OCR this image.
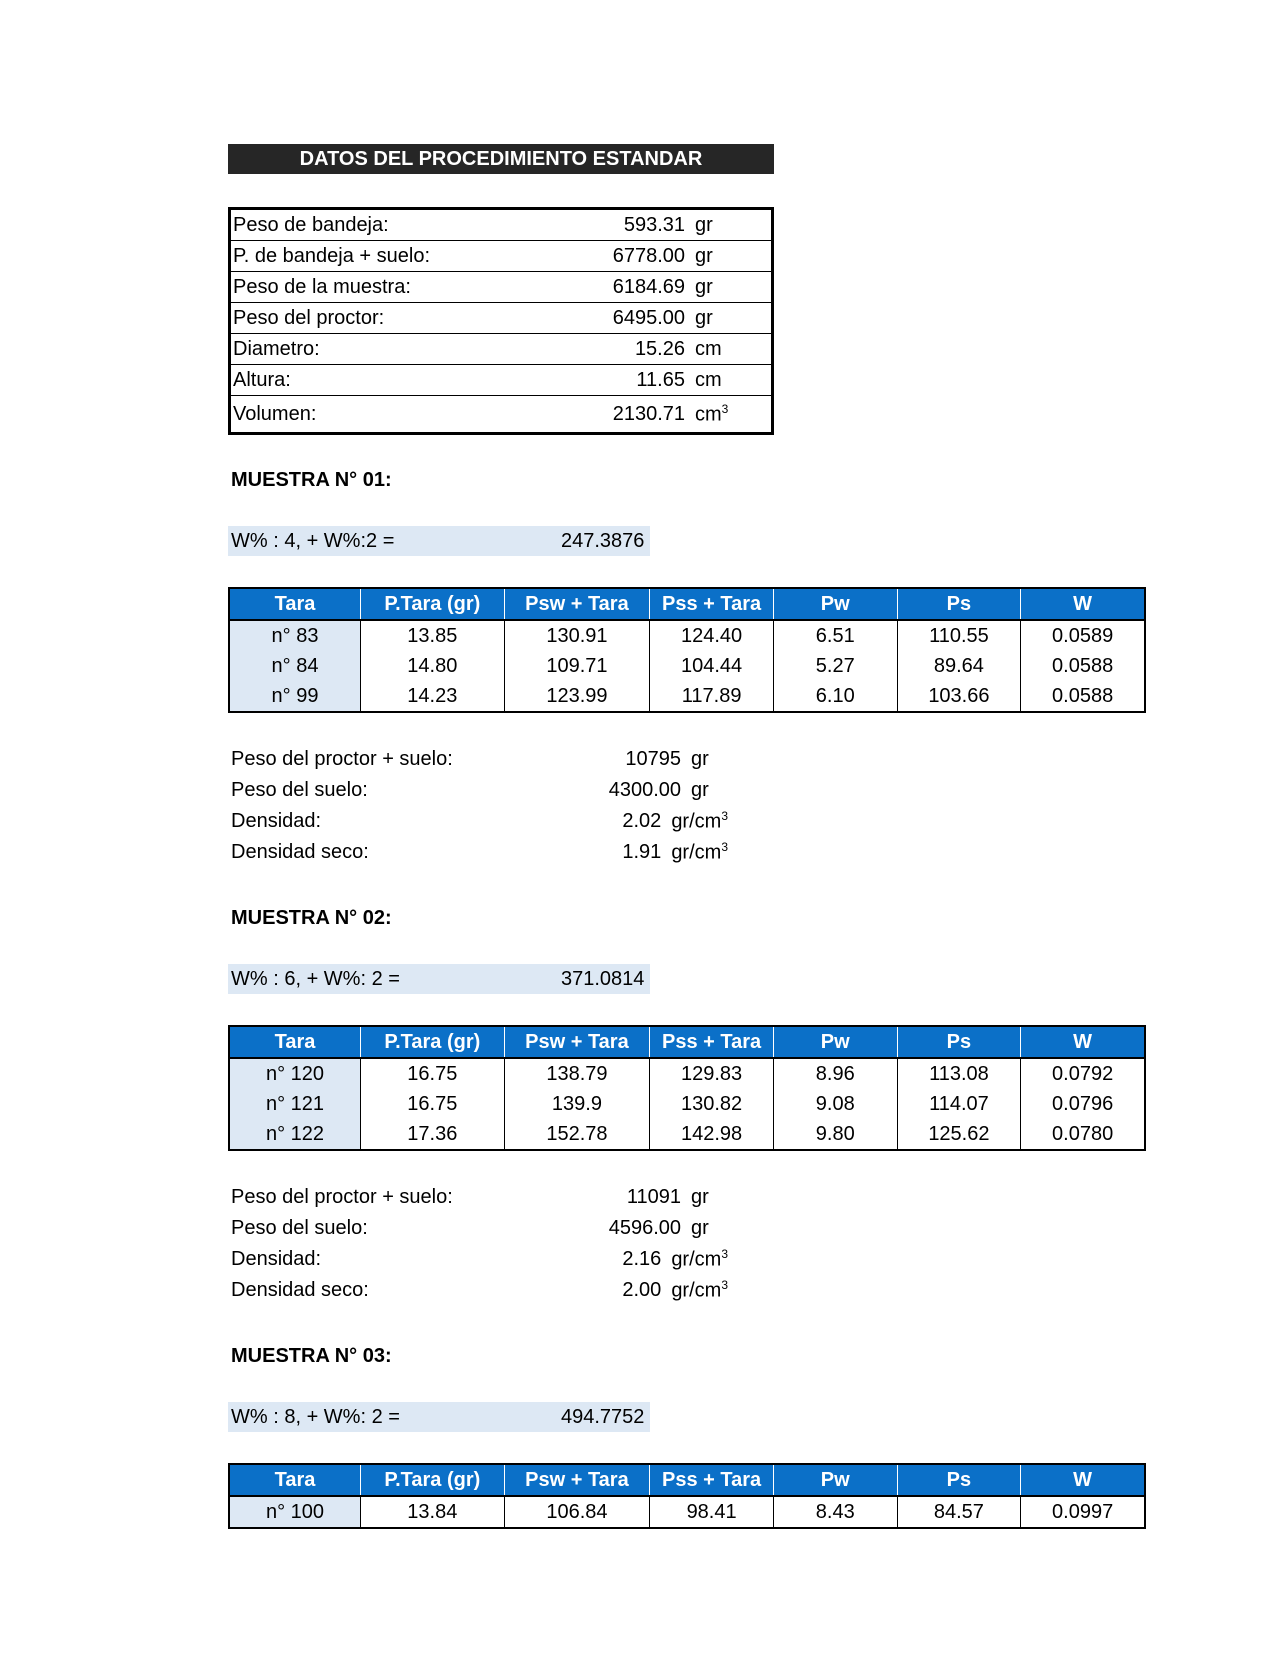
DATOS DEL PROCEDIMIENTO ESTANDAR
Peso de bandeja:	593.31	gr
P. de bandeja + suelo:	6778.00	gr
Peso de la muestra:	6184.69	gr
Peso del proctor:	6495.00	gr
Diametro:	15.26	cm
Altura:	11.65	cm
Volumen:	2130.71	$cm^3$
MUESTRA N° 01:
W% : 4, + W%:2 =	247.3876
Tara	P.Tara (gr)	Psw + Tara	Pss + Tara	Pw	Ps	W
n° 83	13.85	130.91	124.40	6.51	110.55	0.0589
n° 84	14.80	109.71	104.44	5.27	89.64	0.0588
n° 99	14.23	123.99	117.89	6.10	103.66	0.0588
Peso del proctor + suelo:	10795 gr
Peso del suelo:	4300.00 gr
Densidad:	2.02 $gr/cm^3$
Densidad seco:	1.91 $gr/cm^3$
MUESTRA N° 02:
W% : 6, + W%: 2 =	371.0814
Tara	P.Tara (gr)	Psw + Tara	Pss + Tara	Pw	Ps	W
n° 120	16.75	138.79	129.83	8.96	113.08	0.0792
n° 121	16.75	139.9	130.82	9.08	114.07	0.0796
n° 122	17.36	152.78	142.98	9.80	125.62	0.0780
Peso del proctor + suelo:	11091 gr
Peso del suelo:	4596.00 gr
Densidad:	2.16 $gr/cm^3$
Densidad seco:	2.00 $gr/cm^3$
MUESTRA N° 03:
W% : 8, + W%: 2 =	494.7752
Tara	P.Tara (gr)	Psw + Tara	Pss + Tara	Pw	Ps	W
n° 100	13.84	106.84	98.41	8.43	84.57	0.0997
